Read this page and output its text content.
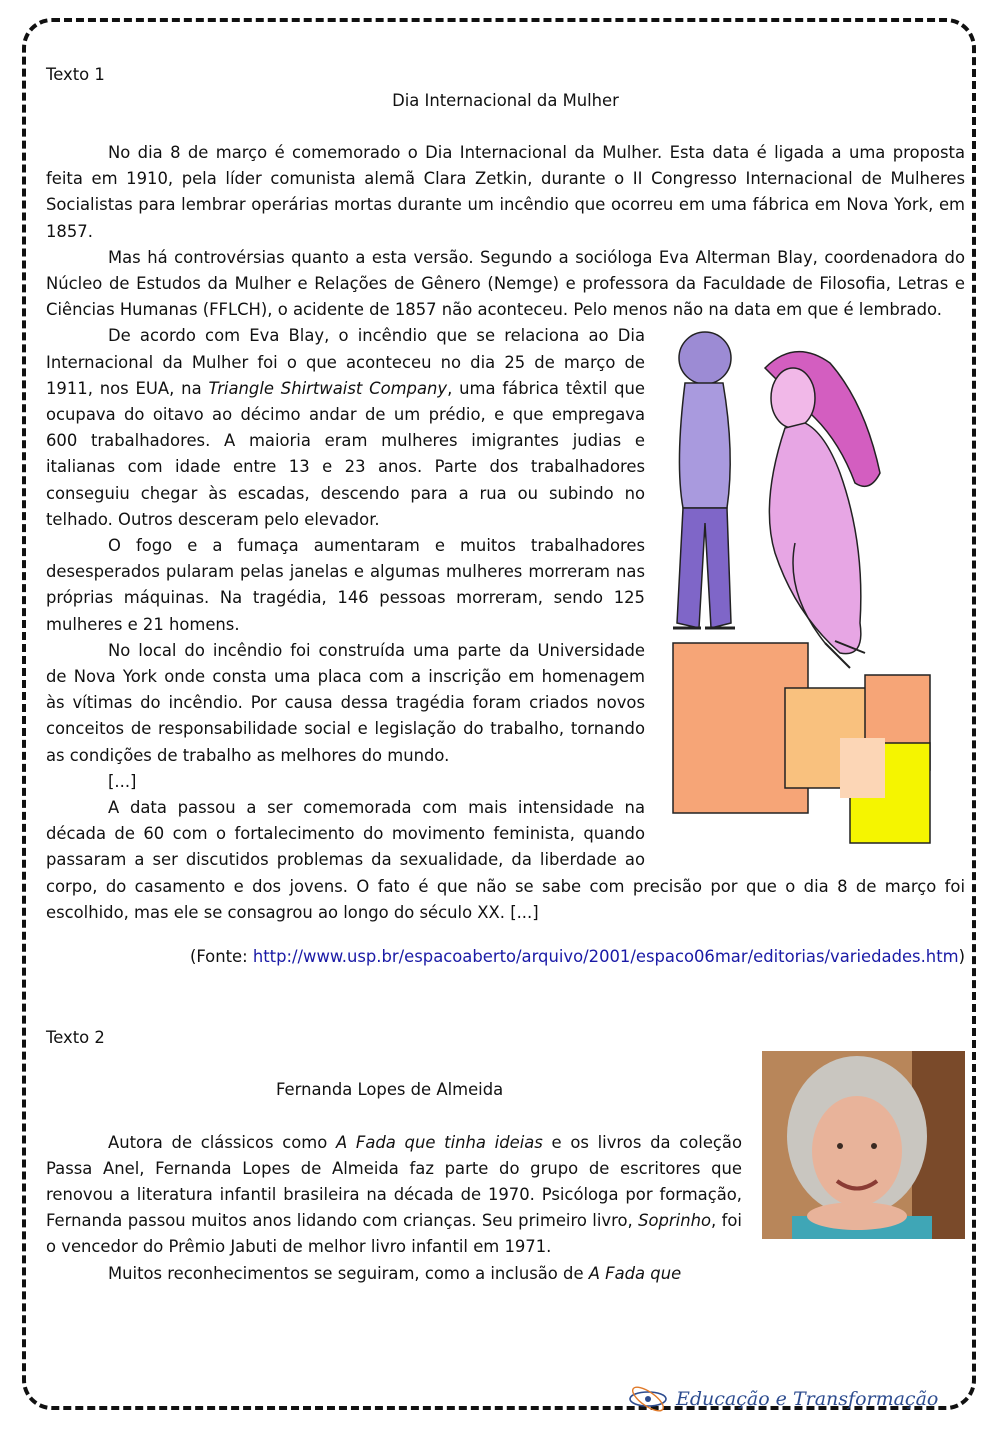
Texto 1
Dia Internacional da Mulher

No dia 8 de março é comemorado o Dia Internacional da Mulher. Esta data é ligada a uma proposta feita em 1910, pela líder comunista alemã Clara Zetkin, durante o II Congresso Internacional de Mulheres Socialistas para lembrar operárias mortas durante um incêndio que ocorreu em uma fábrica em Nova York, em 1857.

Mas há controvérsias quanto a esta versão. Segundo a socióloga Eva Alterman Blay, coordenadora do Núcleo de Estudos da Mulher e Relações de Gênero (Nemge) e professora da Faculdade de Filosofia, Letras e Ciências Humanas (FFLCH), o acidente de 1857 não aconteceu. Pelo menos não na data em que é lembrado.

De acordo com Eva Blay, o incêndio que se relaciona ao Dia Internacional da Mulher foi o que aconteceu no dia 25 de março de 1911, nos EUA, na Triangle Shirtwaist Company, uma fábrica têxtil que ocupava do oitavo ao décimo andar de um prédio, e que empregava 600 trabalhadores. A maioria eram mulheres imigrantes judias e italianas com idade entre 13 e 23 anos. Parte dos trabalhadores conseguiu chegar às escadas, descendo para a rua ou subindo no telhado. Outros desceram pelo elevador.

O fogo e a fumaça aumentaram e muitos trabalhadores desesperados pularam pelas janelas e algumas mulheres morreram nas próprias máquinas. Na tragédia, 146 pessoas morreram, sendo 125 mulheres e 21 homens.

No local do incêndio foi construída uma parte da Universidade de Nova York onde consta uma placa com a inscrição em homenagem às vítimas do incêndio. Por causa dessa tragédia foram criados novos conceitos de responsabilidade social e legislação do trabalho, tornando as condições de trabalho as melhores do mundo.

[...]

A data passou a ser comemorada com mais intensidade na década de 60 com o fortalecimento do movimento feminista, quando passaram a ser discutidos problemas da sexualidade, da liberdade ao corpo, do casamento e dos jovens. O fato é que não se sabe com precisão por que o dia 8 de março foi escolhido, mas ele se consagrou ao longo do século XX. [...]

(Fonte: http://www.usp.br/espacoaberto/arquivo/2001/espaco06mar/editorias/variedades.htm)
Texto 2
Fernanda Lopes de Almeida

Autora de clássicos como A Fada que tinha ideias e os livros da coleção Passa Anel, Fernanda Lopes de Almeida faz parte do grupo de escritores que renovou a literatura infantil brasileira na década de 1970. Psicóloga por formação, Fernanda passou muitos anos lidando com crianças. Seu primeiro livro, Soprinho, foi o vencedor do Prêmio Jabuti de melhor livro infantil em 1971.

Muitos reconhecimentos se seguiram, como a inclusão de A Fada que

Educação e Transformação
